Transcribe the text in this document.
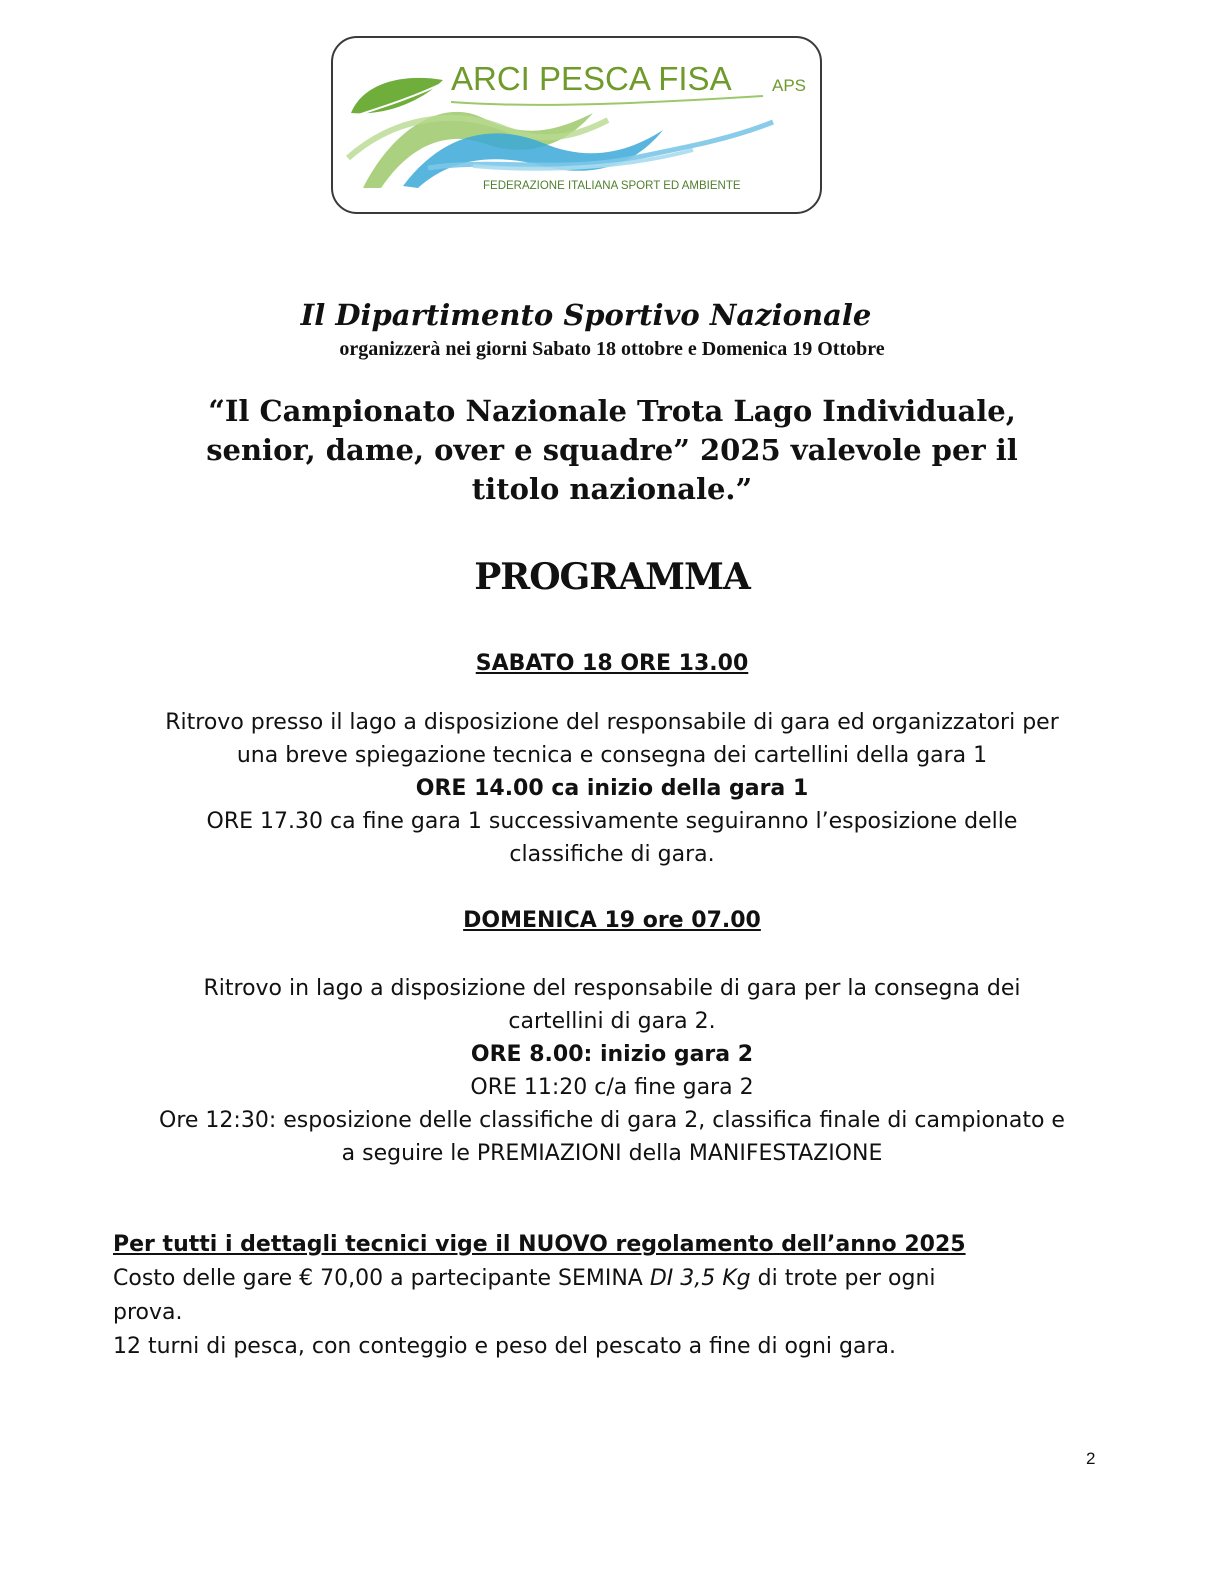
ARCI PESCA FISA APS
FEDERAZIONE ITALIANA SPORT ED AMBIENTE
Il Dipartimento Sportivo Nazionale
organizzerà nei giorni Sabato 18 ottobre e Domenica 19 Ottobre
“Il Campionato Nazionale Trota Lago Individuale,
senior, dame, over e squadre” 2025 valevole per il
titolo nazionale.”
PROGRAMMA
SABATO 18 ORE 13.00
Ritrovo presso il lago a disposizione del responsabile di gara ed organizzatori per
una breve spiegazione tecnica e consegna dei cartellini della gara 1
ORE 14.00 ca inizio della gara 1
ORE 17.30 ca fine gara 1 successivamente seguiranno l’esposizione delle
classifiche di gara.
DOMENICA 19 ore 07.00
Ritrovo in lago a disposizione del responsabile di gara per la consegna dei
cartellini di gara 2.
ORE 8.00: inizio gara 2
ORE 11:20 c/a fine gara 2
Ore 12:30: esposizione delle classifiche di gara 2, classifica finale di campionato e
a seguire le PREMIAZIONI della MANIFESTAZIONE
Per tutti i dettagli tecnici vige il NUOVO regolamento dell’anno 2025
Costo delle gare € 70,00 a partecipante SEMINA DI 3,5 Kg di trote per ogni
prova.
12 turni di pesca, con conteggio e peso del pescato a fine di ogni gara.
2
